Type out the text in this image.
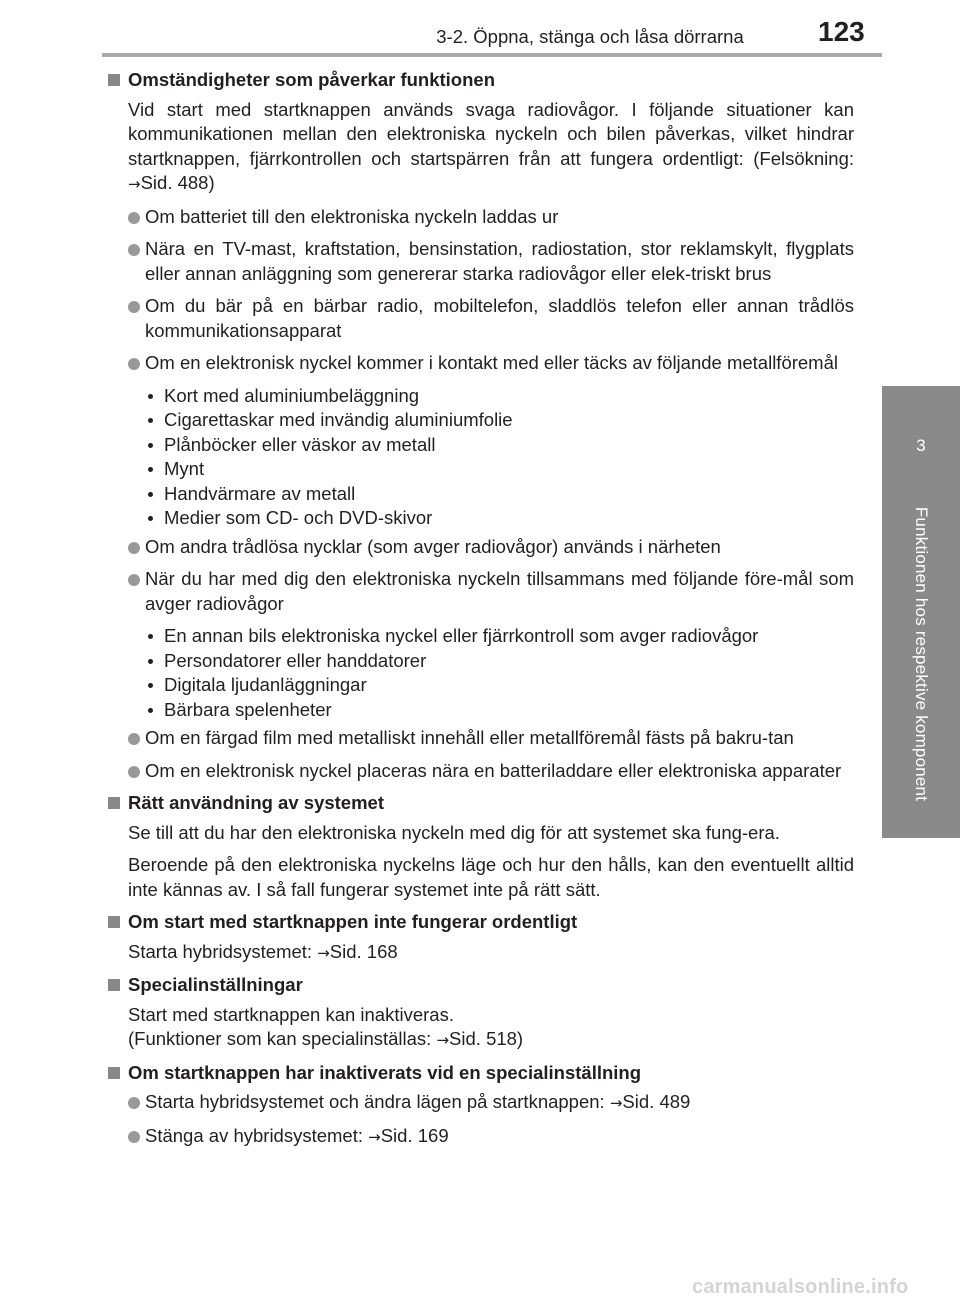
3-2. Öppna, stänga och låsa dörrarna	123
3
Funktionen hos respektive komponent
Omständigheter som påverkar funktionen
Vid start med startknappen används svaga radiovågor. I följande situationer kan kommunikationen mellan den elektroniska nyckeln och bilen påverkas, vilket hindrar startknappen, fjärrkontrollen och startspärren från att fungera ordentligt: (Felsökning: →Sid. 488)
Om batteriet till den elektroniska nyckeln laddas ur
Nära en TV-mast, kraftstation, bensinstation, radiostation, stor reklamskylt, flygplats eller annan anläggning som genererar starka radiovågor eller elek-triskt brus
Om du bär på en bärbar radio, mobiltelefon, sladdlös telefon eller annan trådlös kommunikationsapparat
Om en elektronisk nyckel kommer i kontakt med eller täcks av följande metallföremål
Kort med aluminiumbeläggning
Cigarettaskar med invändig aluminiumfolie
Plånböcker eller väskor av metall
Mynt
Handvärmare av metall
Medier som CD- och DVD-skivor
Om andra trådlösa nycklar (som avger radiovågor) används i närheten
När du har med dig den elektroniska nyckeln tillsammans med följande före-mål som avger radiovågor
En annan bils elektroniska nyckel eller fjärrkontroll som avger radiovågor
Persondatorer eller handdatorer
Digitala ljudanläggningar
Bärbara spelenheter
Om en färgad film med metalliskt innehåll eller metallföremål fästs på bakru-tan
Om en elektronisk nyckel placeras nära en batteriladdare eller elektroniska apparater
Rätt användning av systemet
Se till att du har den elektroniska nyckeln med dig för att systemet ska fung-era.
Beroende på den elektroniska nyckelns läge och hur den hålls, kan den eventuellt alltid inte kännas av. I så fall fungerar systemet inte på rätt sätt.
Om start med startknappen inte fungerar ordentligt
Starta hybridsystemet: →Sid. 168
Specialinställningar
Start med startknappen kan inaktiveras.
(Funktioner som kan specialinställas: →Sid. 518)
Om startknappen har inaktiverats vid en specialinställning
Starta hybridsystemet och ändra lägen på startknappen: →Sid. 489
Stänga av hybridsystemet: →Sid. 169
carmanualsonline.info
